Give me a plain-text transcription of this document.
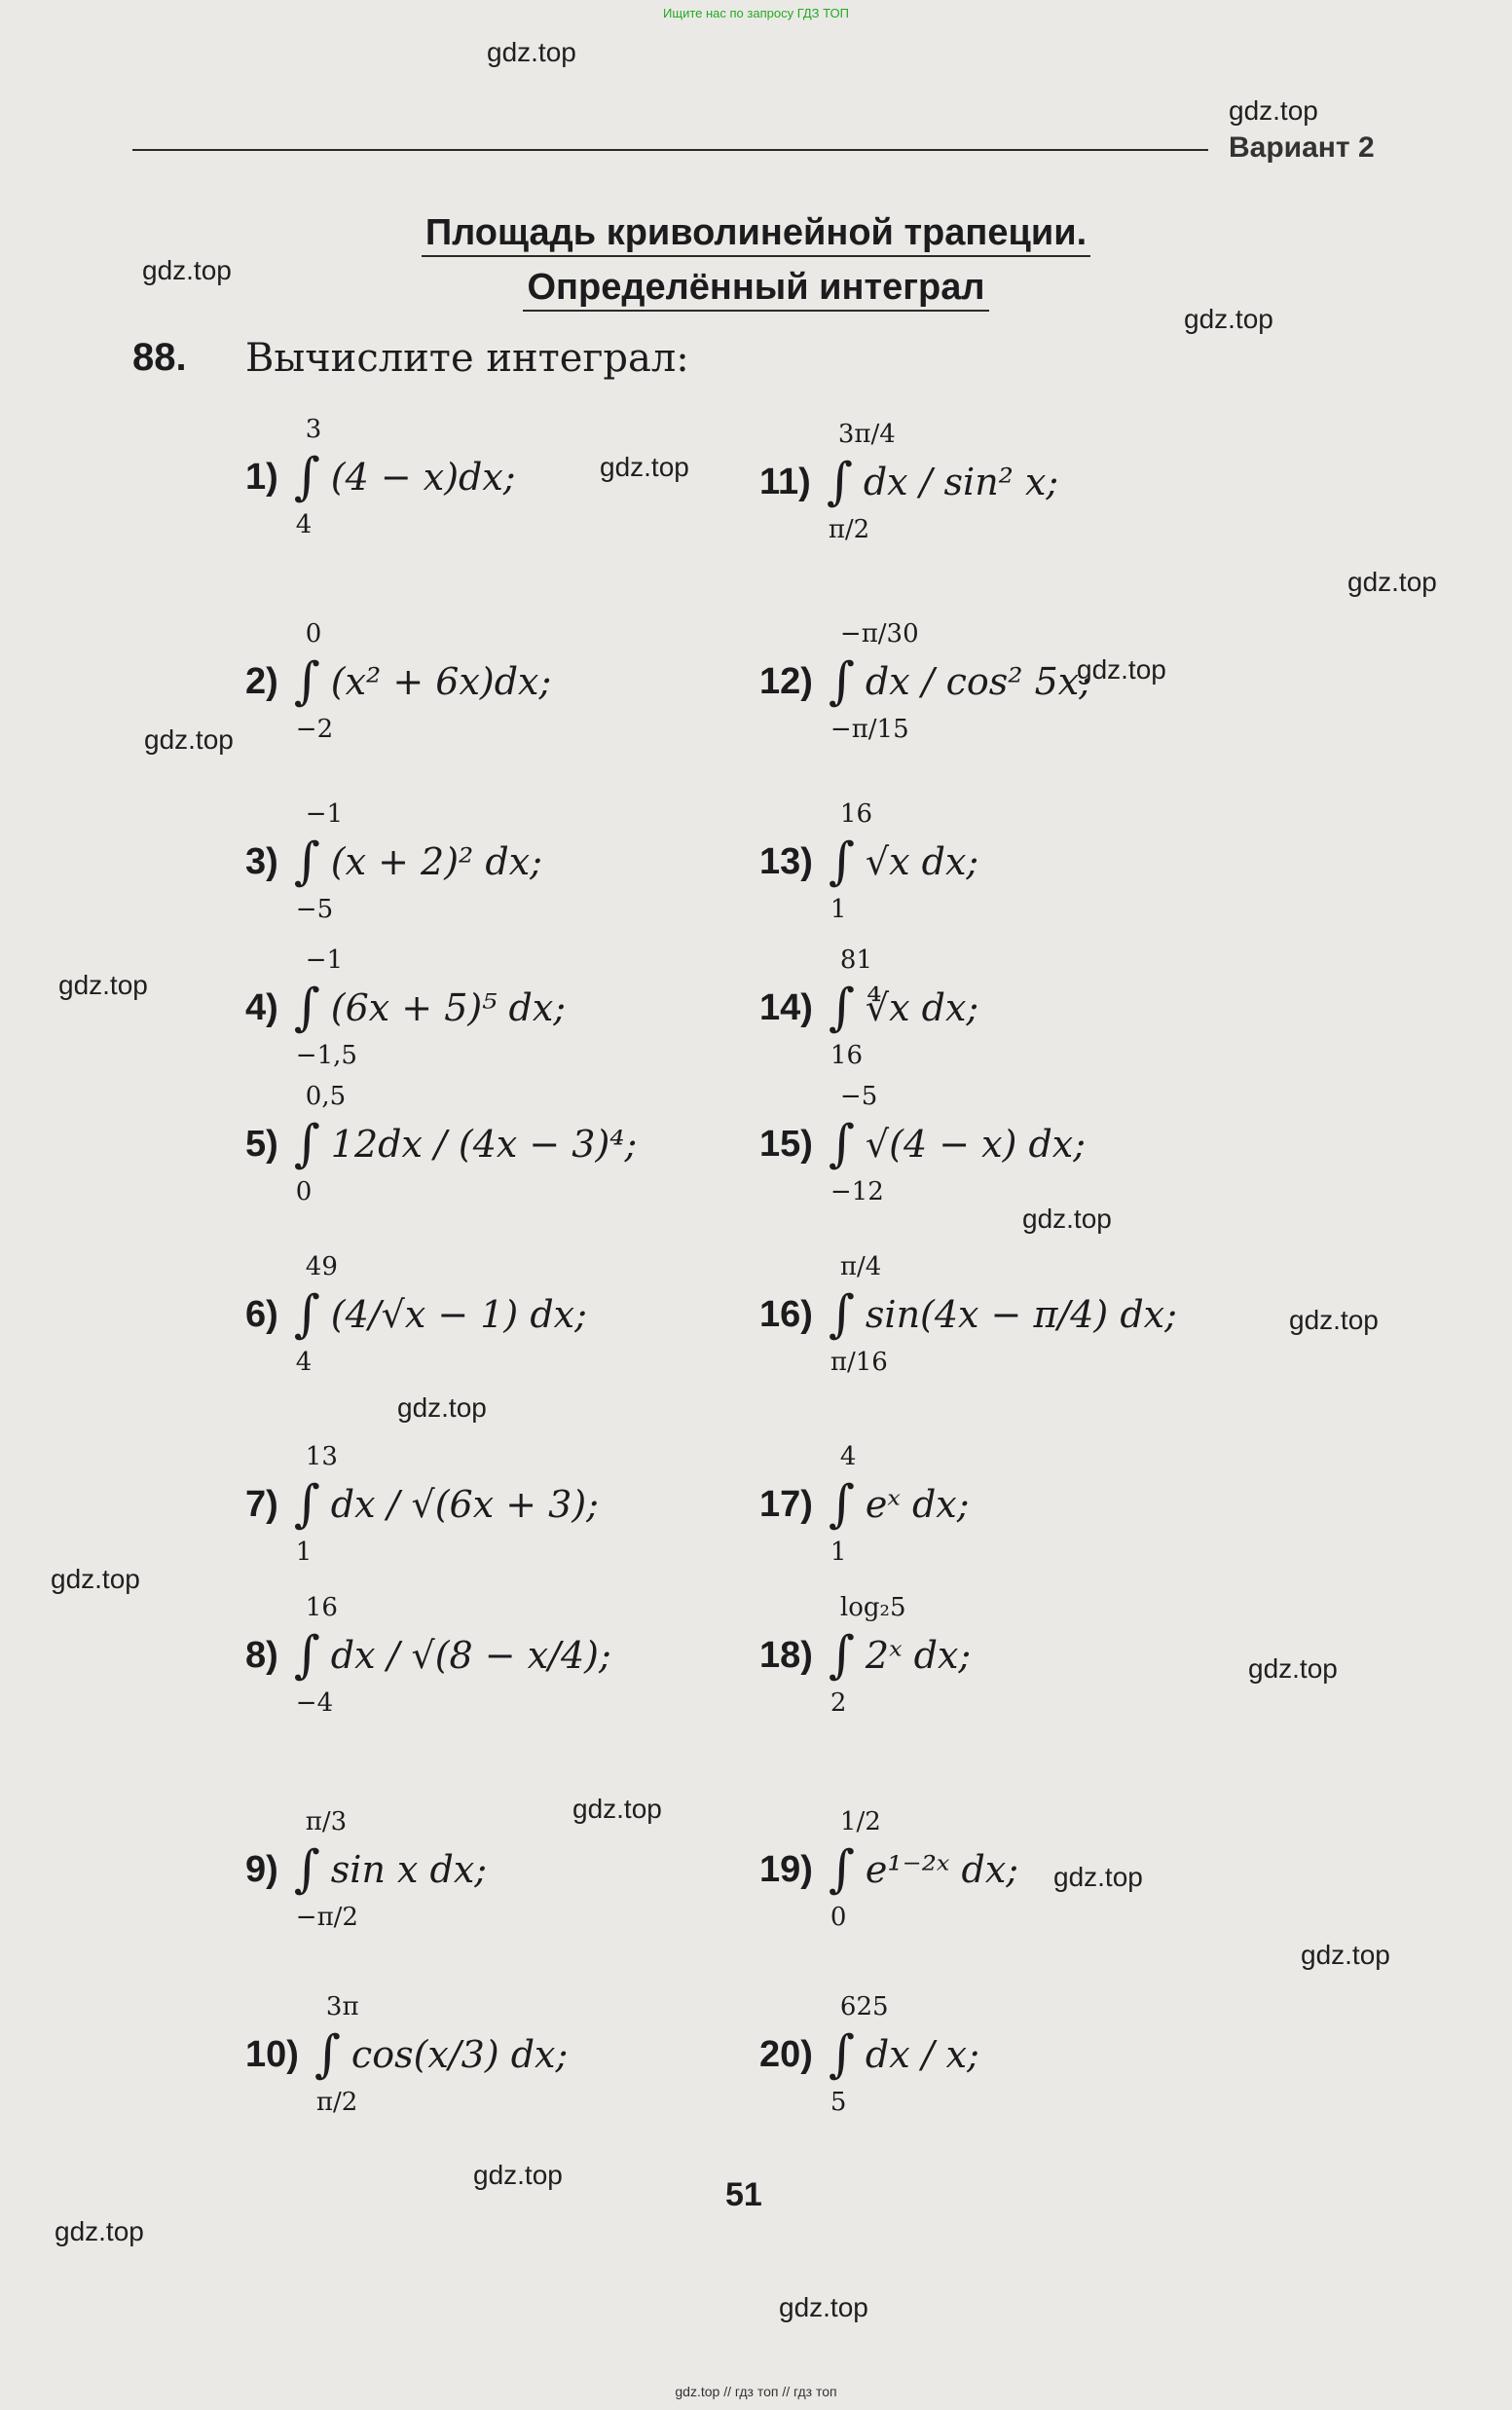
Ищите нас по запросу ГДЗ ТОП
gdz.top
gdz.top
gdz.top
gdz.top
gdz.top
gdz.top
gdz.top
gdz.top
gdz.top
gdz.top
gdz.top
gdz.top
gdz.top
gdz.top
gdz.top
gdz.top
gdz.top
gdz.top
gdz.top
gdz.top
Вариант 2
Площадь криволинейной трапеции.
Определённый интеграл
88. Вычислите интеграл:
1)
3
∫
4
(4 − x)dx;
2)
0
∫
−2
(x² + 6x)dx;
3)
−1
∫
−5
(x + 2)² dx;
4)
−1
∫
−1,5
(6x + 5)⁵ dx;
5)
0,5
∫
0
12dx / (4x − 3)⁴;
6)
49
∫
4
(4/√x − 1) dx;
7)
13
∫
1
dx / √(6x + 3);
8)
16
∫
−4
dx / √(8 − x/4);
9)
π/3
∫
−π/2
sin x dx;
10)
3π
∫
π/2
cos(x/3) dx;
11)
3π/4
∫
π/2
dx / sin² x;
12)
−π/30
∫
−π/15
dx / cos² 5x;
13)
16
∫
1
√x dx;
14)
81
∫
16
∜x dx;
15)
−5
∫
−12
√(4 − x) dx;
16)
π/4
∫
π/16
sin(4x − π/4) dx;
17)
4
∫
1
eˣ dx;
18)
log₂5
∫
2
2ˣ dx;
19)
1/2
∫
0
e¹⁻²ˣ dx;
20)
625
∫
5
dx / x;
51
gdz.top // гдз топ // гдз топ
